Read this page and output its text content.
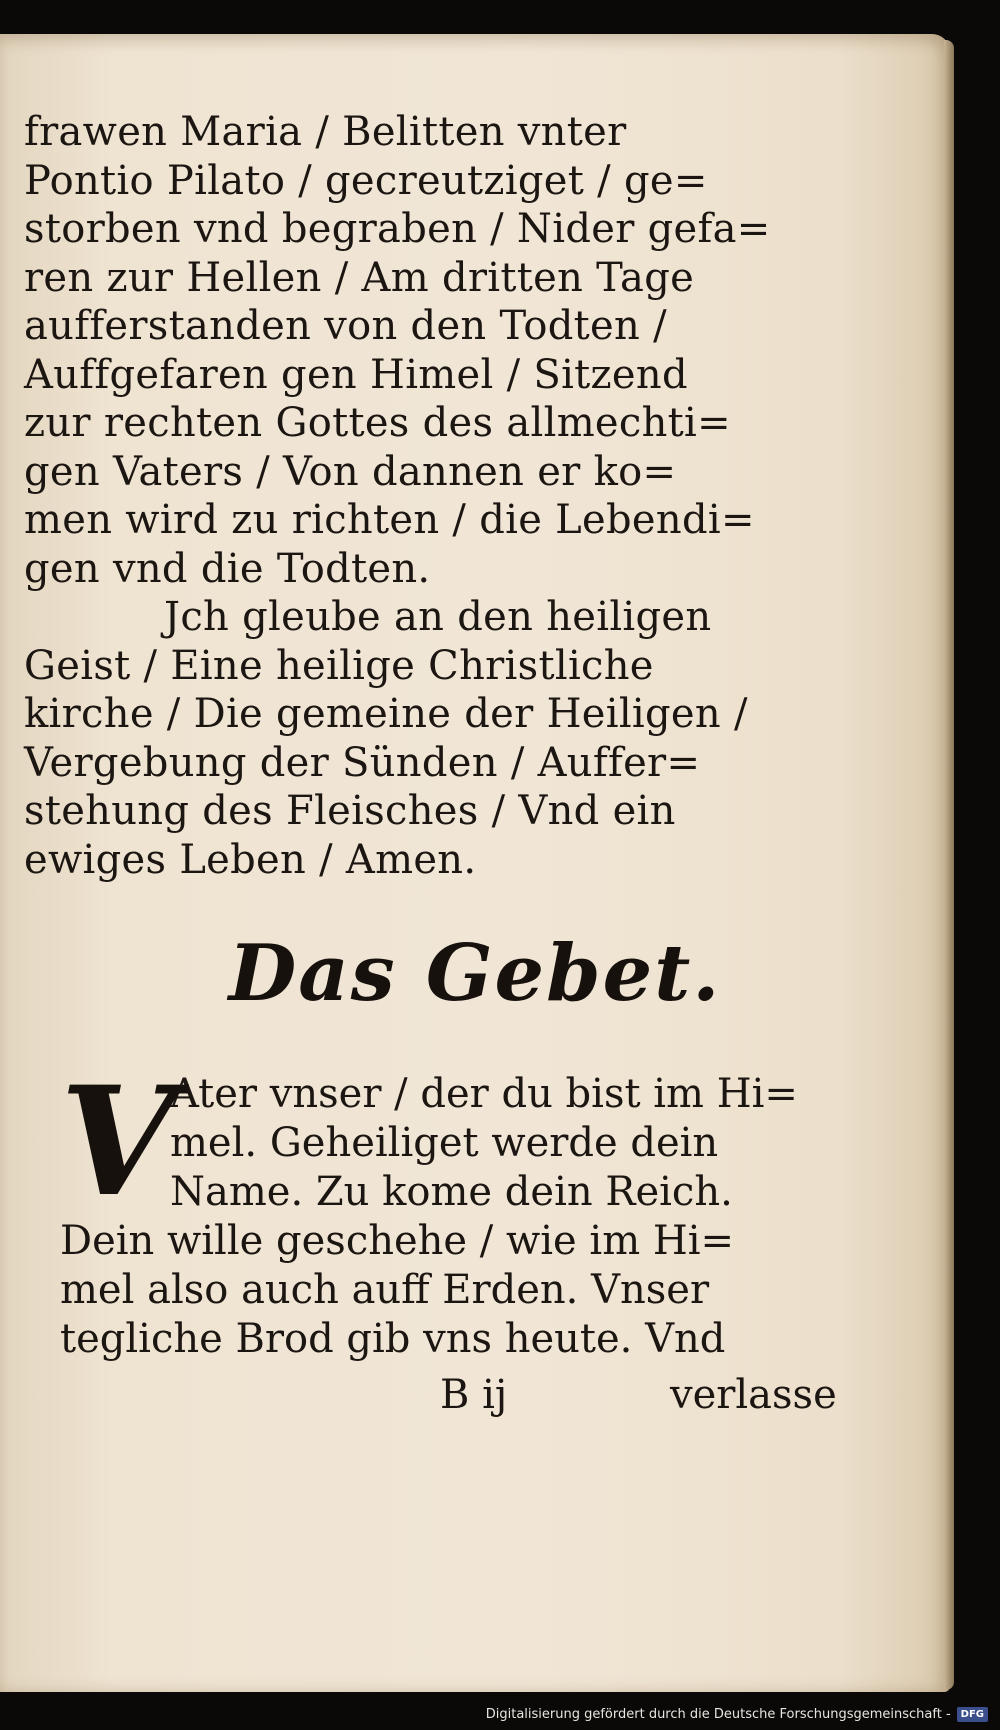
frawen Maria / Belitten vnter
Pontio Pilato / gecreutziget / ge=
storben vnd begraben / Nider gefa=
ren zur Hellen / Am dritten Tage
aufferstanden von den Todten /
Auffgefaren gen Himel / Sitzend
zur rechten Gottes des allmechti=
gen Vaters / Von dannen er ko=
men wird zu richten / die Lebendi=
gen vnd die Todten.
Jch gleube an den heiligen
Geist / Eine heilige Christliche
kirche / Die gemeine der Heiligen /
Vergebung der Sünden / Auffer=
stehung des Fleisches / Vnd ein
ewiges Leben / Amen.
Das Gebet.
V
Ater vnser / der du bist im Hi=
mel. Geheiliget werde dein
Name. Zu kome dein Reich.
Dein wille geschehe / wie im Hi=
mel also auch auff Erden. Vnser
tegliche Brod gib vns heute. Vnd
B ij	verlasse
Digitalisierung gefördert durch die Deutsche Forschungsgemeinschaft -	DFG
